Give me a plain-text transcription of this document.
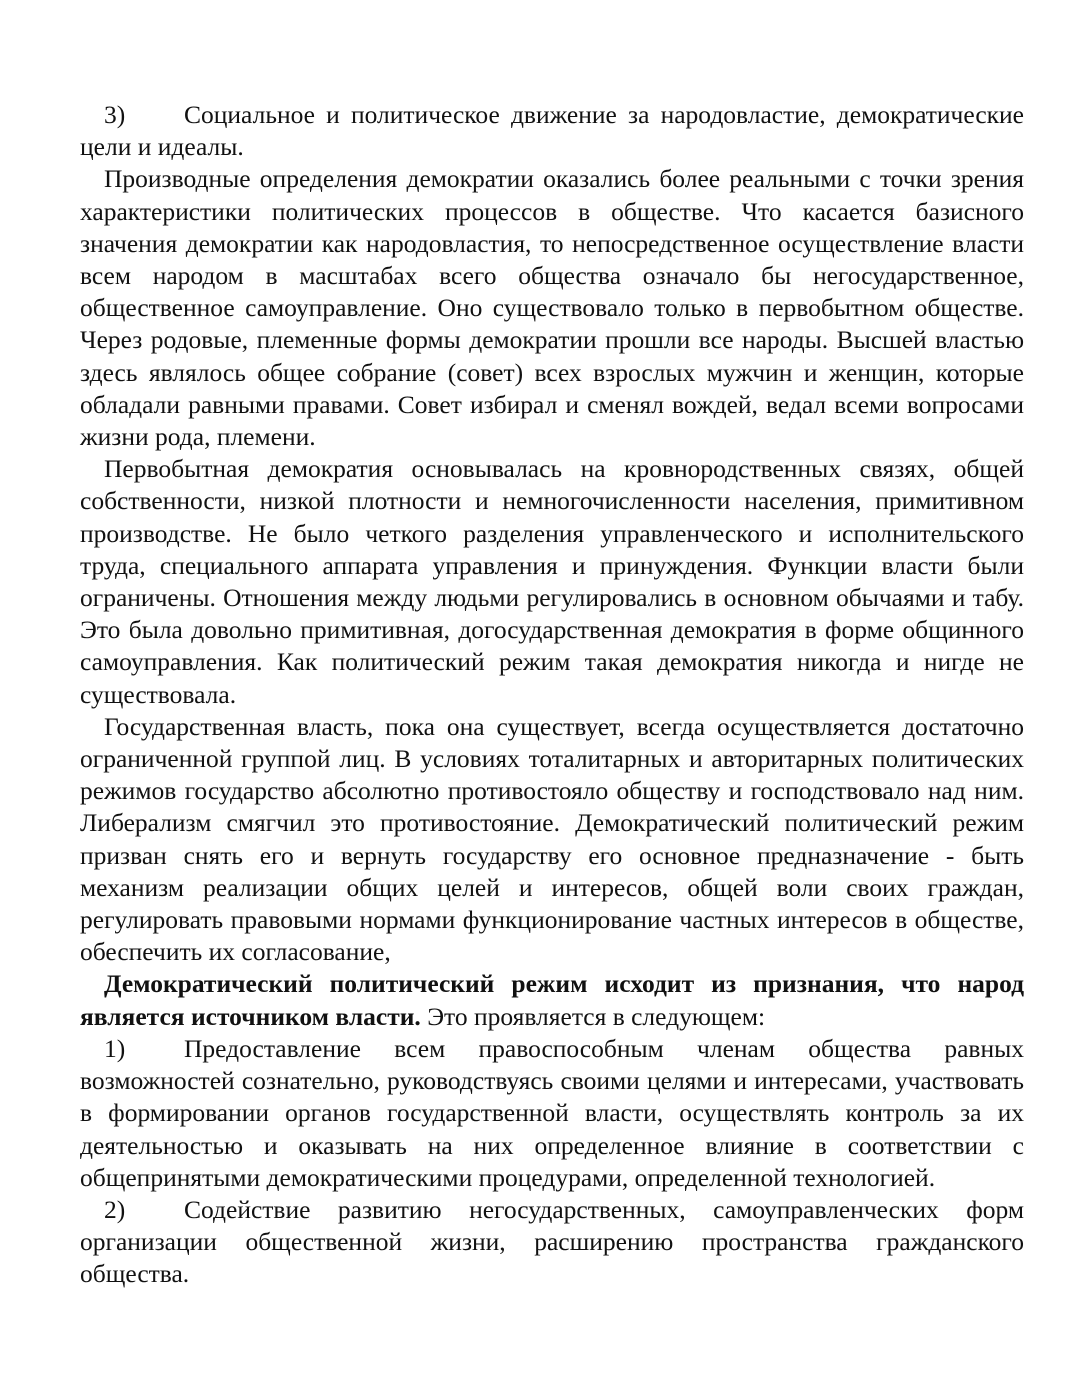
3) Социальное и политическое движение за народовластие, демократические цели и идеалы.

Производные определения демократии оказались более реальными с точки зрения характеристики политических процессов в обществе. Что касается базисного значения демократии как народовластия, то непосредственное осуществление власти всем народом в масштабах всего общества означало бы негосударственное, общественное самоуправление. Оно существовало только в первобытном обществе. Через родовые, племенные формы демократии прошли все народы. Высшей властью здесь являлось общее собрание (совет) всех взрослых мужчин и женщин, которые обладали равными правами. Совет избирал и сменял вождей, ведал всеми вопросами жизни рода, племени.

Первобытная демократия основывалась на кровнородственных связях, общей собственности, низкой плотности и немногочисленности населения, примитивном производстве. Не было четкого разделения управленческого и исполнительского труда, специального аппарата управления и принуждения. Функции власти были ограничены. Отношения между людьми регулировались в основном обычаями и табу. Это была довольно примитивная, догосударственная демократия в форме общинного самоуправления. Как политический режим такая демократия никогда и нигде не существовала.

Государственная власть, пока она существует, всегда осуществляется достаточно ограниченной группой лиц. В условиях тоталитарных и авторитарных политических режимов государство абсолютно противостояло обществу и господствовало над ним. Либерализм смягчил это противостояние. Демократический политический режим призван снять его и вернуть государству его основное предназначение - быть механизм реализации общих целей и интересов, общей воли своих граждан, регулировать правовыми нормами функционирование частных интересов в обществе, обеспечить их согласование,

Демократический политический режим исходит из признания, что народ является источником власти. Это проявляется в следующем:

1) Предоставление всем правоспособным членам общества равных возможностей сознательно, руководствуясь своими целями и интересами, участвовать в формировании органов государственной власти, осуществлять контроль за их деятельностью и оказывать на них определенное влияние в соответствии с общепринятыми демократическими процедурами, определенной технологией.

2) Содействие развитию негосударственных, самоуправленческих форм организации общественной жизни, расширению пространства гражданского общества.
